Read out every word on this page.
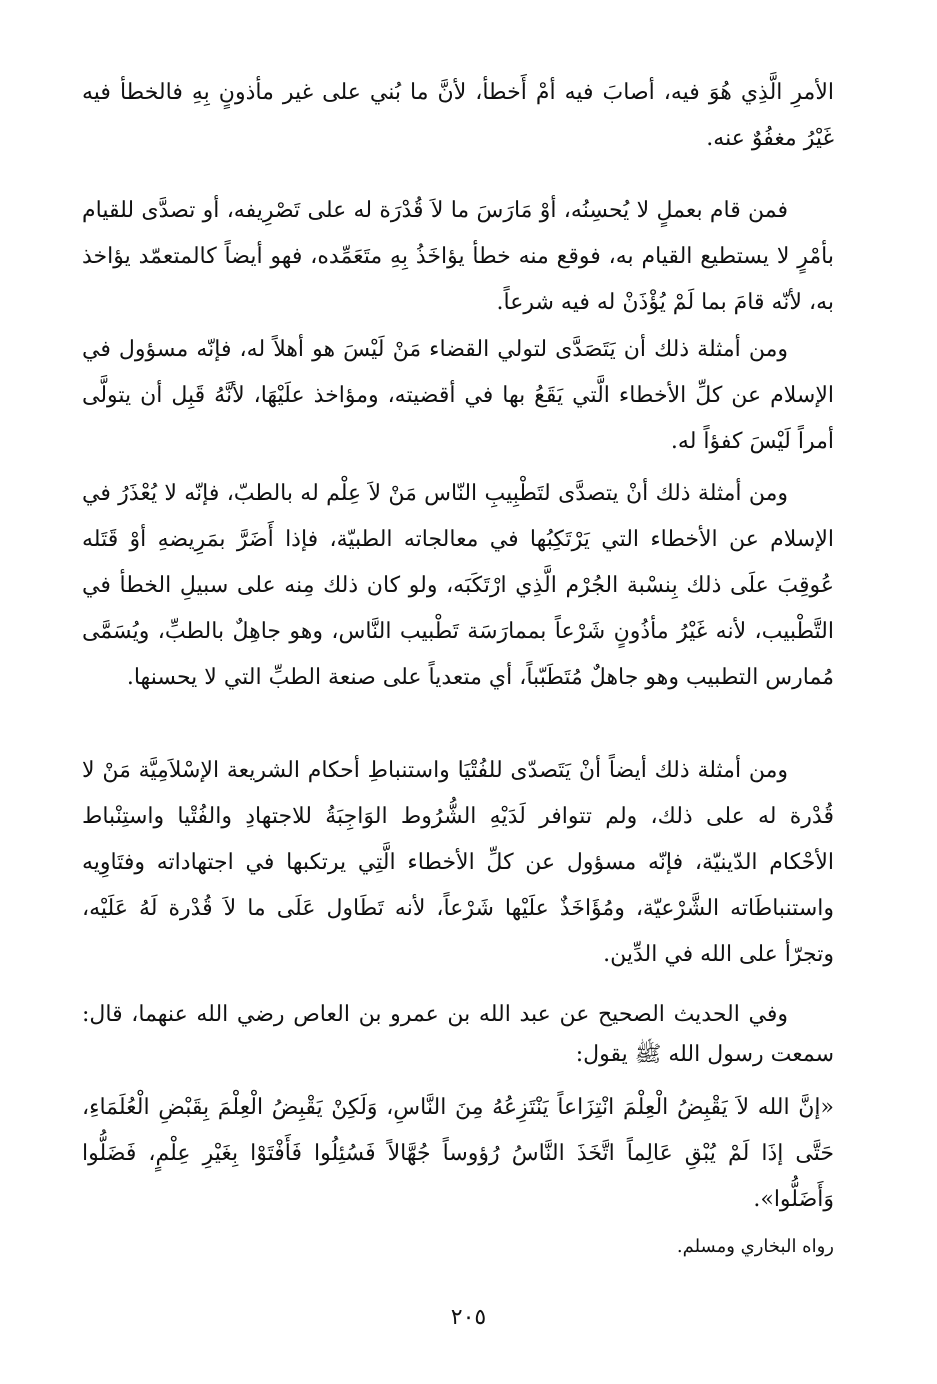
الأمرِ الَّذِي هُوَ فيه، أصابَ فيه أمْ أَخطأ، لأنَّ ما بُني على غير مأذونٍ بِهِ فالخطأ فيه غَيْرُ مغفُوٌ عنه.

فمن قام بعملٍ لا يُحسِنُه، أوْ مَارَسَ ما لاَ قُدْرَة له على تَصْرِيفه، أو تصدَّى للقيام بأمْرٍ لا يستطيع القيام به، فوقع منه خطأ يؤاخَذُ بِهِ متَعَمِّده، فهو أيضاً كالمتعمّد يؤاخذ به، لأنّه قامَ بما لَمْ يُؤْذَنْ له فيه شرعاً.

ومن أمثلة ذلك أن يَتَصَدَّى لتولي القضاء مَنْ لَيْسَ هو أهلاً له، فإنّه مسؤول في الإسلام عن كلِّ الأخطاء الَّتي يَقَعُ بها في أقضيته، ومؤاخذ علَيْهَا، لأنَّهُ قَبِل أن يتولَّى أمراً لَيْسَ كفؤاً له.

ومن أمثلة ذلك أنْ يتصدَّى لتَطْبِيبِ النّاس مَنْ لاَ عِلْم له بالطبّ، فإنّه لا يُعْذَرُ في الإسلام عن الأخطاء التي يَرْتَكِبُها في معالجاته الطبيّة، فإذا أَضَرَّ بمَرِيضهِ أوْ قَتَله عُوقِبَ علَى ذلك بِنسْبة الجُرْم الَّذِي ارْتَكَبَه، ولو كان ذلك مِنه على سبيلِ الخطأ في التَّطْبيب، لأنه غَيْرُ مأذُونٍ شَرْعاً بممارَسَة تَطْبيب النَّاس، وهو جاهِلٌ بالطبِّ، ويُسَمَّى مُمارس التطبيب وهو جاهلٌ مُتَطَبّباً، أي متعدياً على صنعة الطبِّ التي لا يحسنها.

ومن أمثلة ذلك أيضاً أنْ يَتَصدّى للفُتْيَا واستنباطِ أحكام الشريعة الإسْلاَمِيَّة مَنْ لا قُدْرة له على ذلك، ولم تتوافر لَدَيْهِ الشُّرُوط الوَاجِبَةُ للاجتهادِ والفُتْيا واستِنْباط الأحْكام الدّينيّة، فإنّه مسؤول عن كلِّ الأخطاء الَّتِي يرتكبها في اجتهاداته وفتَاوِيه واستنباطَاته الشَّرْعيّة، ومُؤَاخَذٌ علَيْها شَرْعاً، لأنه تَطَاول عَلَى ما لاَ قُدْرة لَهُ عَلَيْه، وتجرّأ على الله في الدِّين.

وفي الحديث الصحيح عن عبد الله بن عمرو بن العاص رضي الله عنهما، قال: سمعت رسول الله ﷺ يقول:

«إنَّ الله لاَ يَقْبِضُ الْعِلْمَ انْتِزَاعاً يَنْتَزِعُهُ مِنَ النَّاسِ، وَلَكِنْ يَقْبِضُ الْعِلْمَ بِقَبْضِ الْعُلَمَاءِ، حَتَّى إذَا لَمْ يُبْقِ عَالِماً اتَّخَذَ النَّاسُ رُؤوساً جُهَّالاً فَسُئِلُوا فَأَفْتَوْا بِغَيْرِ عِلْمٍ، فَضَلُّوا وَأَضَلُّوا».

رواه البخاري ومسلم.
٢٠٥
